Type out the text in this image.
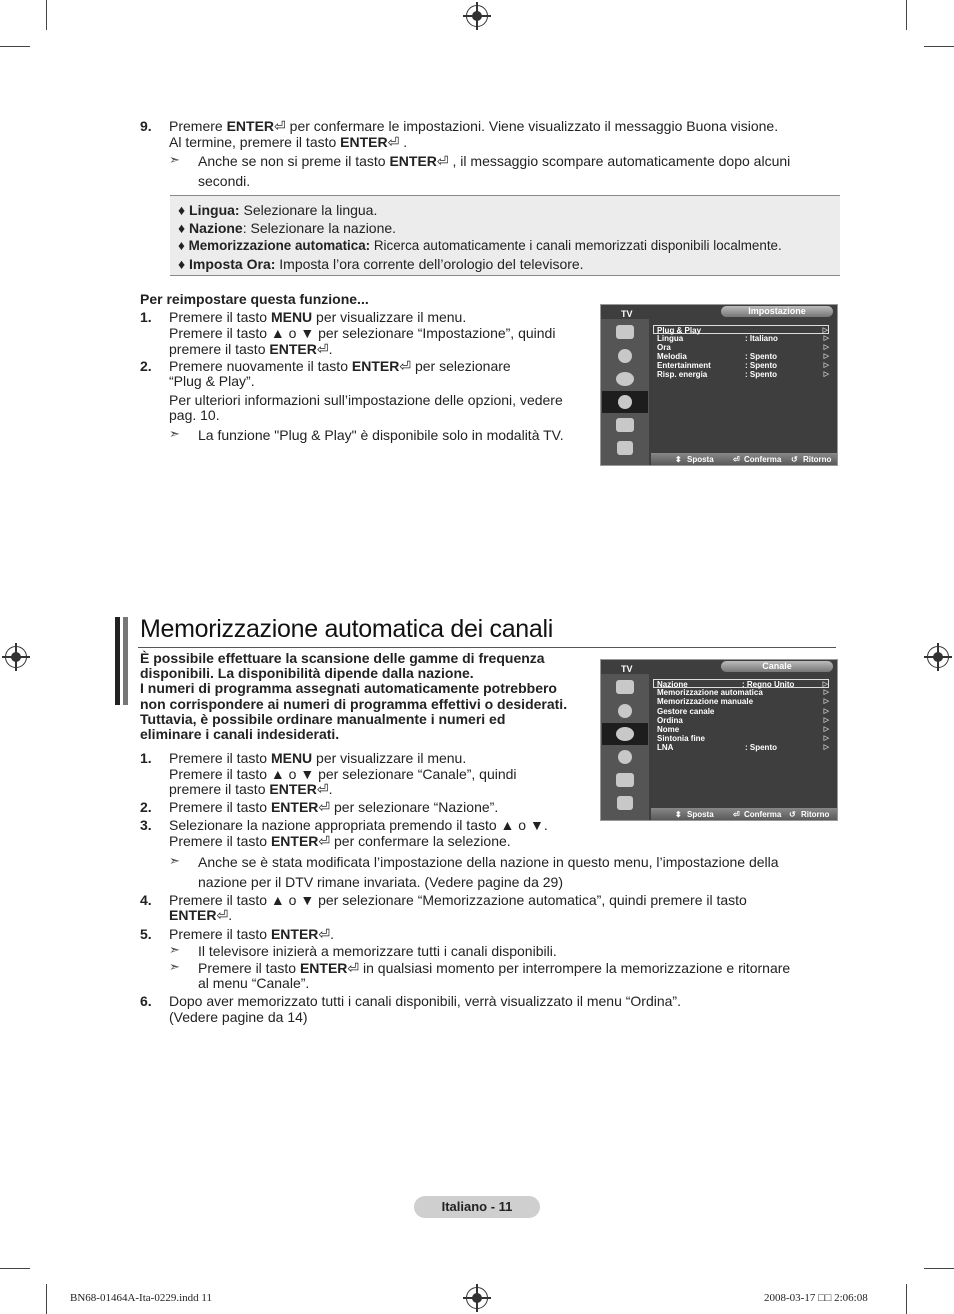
9. Premere ENTER⏎ per confermare le impostazioni. Viene visualizzato il messaggio Buona visione.
Al termine, premere il tasto ENTER⏎ .
➣ Anche se non si preme il tasto ENTER⏎ , il messaggio scompare automaticamente dopo alcuni
secondi.
♦ Lingua: Selezionare la lingua.
♦ Nazione: Selezionare la nazione.
♦ Memorizzazione automatica: Ricerca automaticamente i canali memorizzati disponibili localmente.
♦ Imposta Ora: Imposta l’ora corrente dell’orologio del televisore.
Per reimpostare questa funzione...
1. Premere il tasto MENU per visualizzare il menu.
Premere il tasto ▲ o ▼ per selezionare “Impostazione”, quindi
premere il tasto ENTER⏎.
2. Premere nuovamente il tasto ENTER⏎ per selezionare
“Plug & Play”.
Per ulteriori informazioni sull’impostazione delle opzioni, vedere
pag. 10.
➣ La funzione "Plug & Play" è disponibile solo in modalità TV.
TV	Impostazione
Plug & Play	▷
Lingua	: Italiano	▷
Ora	▷
Melodia	: Spento	▷
Entertainment	: Spento	▷
Risp. energia	: Spento	▷
⬍ Sposta ⏎ Conferma ↺ Ritorno
Memorizzazione automatica dei canali
È possibile effettuare la scansione delle gamme di frequenza
disponibili. La disponibilità dipende dalla nazione.
I numeri di programma assegnati automaticamente potrebbero
non corrispondere ai numeri di programma effettivi o desiderati.
Tuttavia, è possibile ordinare manualmente i numeri ed
eliminare i canali indesiderati.
1. Premere il tasto MENU per visualizzare il menu.
Premere il tasto ▲ o ▼ per selezionare “Canale”, quindi
premere il tasto ENTER⏎.
2. Premere il tasto ENTER⏎ per selezionare “Nazione”.
3. Selezionare la nazione appropriata premendo il tasto ▲ o ▼.
Premere il tasto ENTER⏎ per confermare la selezione.
➣ Anche se è stata modificata l’impostazione della nazione in questo menu, l’impostazione della
nazione per il DTV rimane invariata. (Vedere pagine da 29)
4. Premere il tasto ▲ o ▼ per selezionare “Memorizzazione automatica”, quindi premere il tasto
ENTER⏎.
5. Premere il tasto ENTER⏎.
➣ Il televisore inizierà a memorizzare tutti i canali disponibili.
➣ Premere il tasto ENTER⏎ in qualsiasi momento per interrompere la memorizzazione e ritornare
al menu “Canale”.
6. Dopo aver memorizzato tutti i canali disponibili, verrà visualizzato il menu “Ordina”.
(Vedere pagine da 14)
TV	Canale
Nazione	: Regno Unito	▷
Memorizzazione automatica	▷
Memorizzazione manuale	▷
Gestore canale	▷
Ordina	▷
Nome	▷
Sintonia fine	▷
LNA	: Spento	▷
⬍ Sposta ⏎ Conferma ↺ Ritorno
Italiano - 11
BN68-01464A-Ita-0229.indd 11	2008-03-17 □□ 2:06:08
